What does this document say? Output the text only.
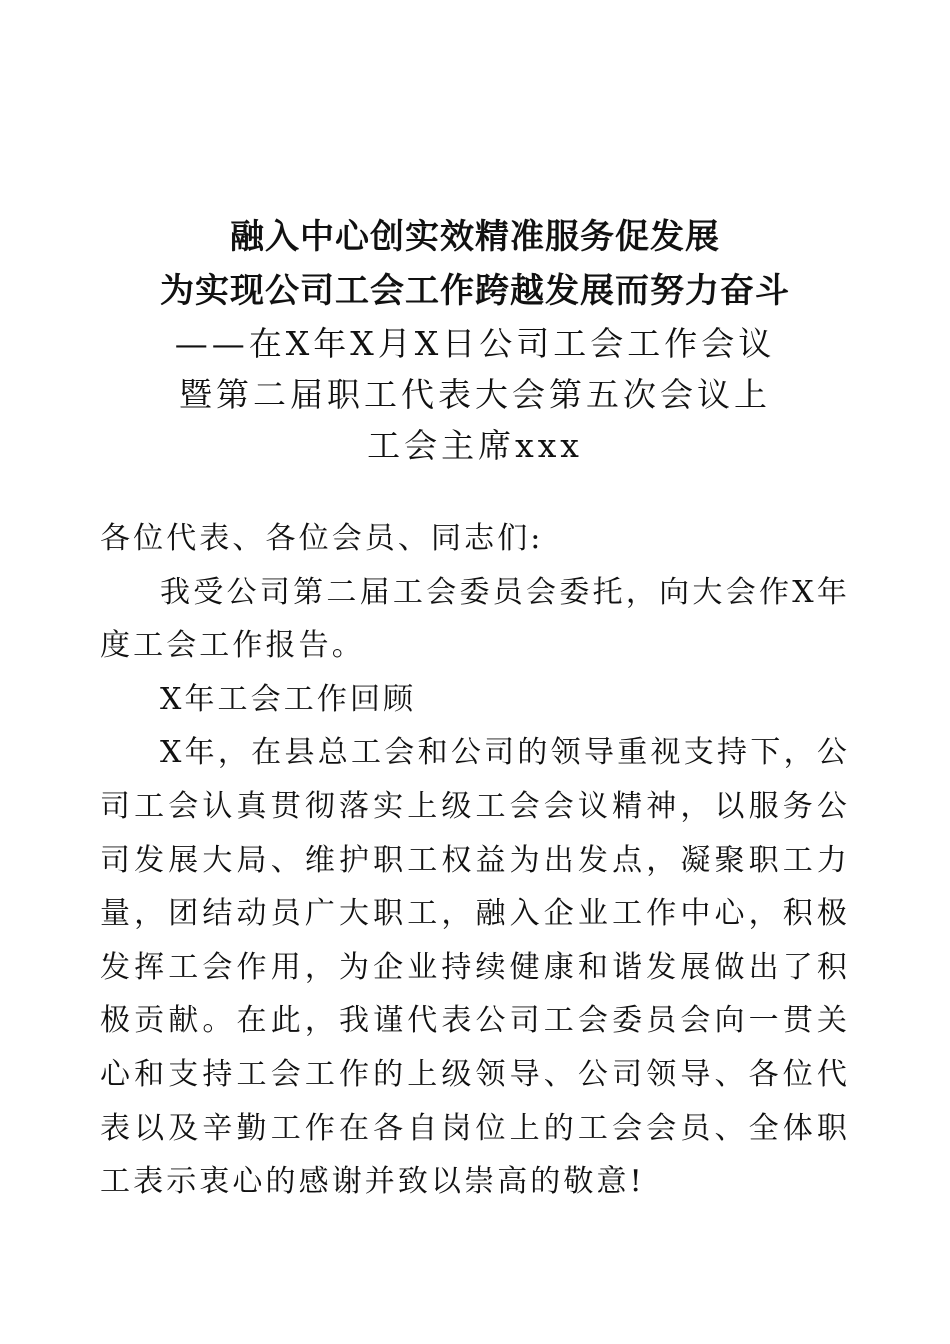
融入中心创实效精准服务促发展
为实现公司工会工作跨越发展而努力奋斗
——在X年X月X日公司工会工作会议
暨第二届职工代表大会第五次会议上
工会主席xxx

各位代表、各位会员、同志们:

我受公司第二届工会委员会委托，向大会作X年度工会工作报告。

X年工会工作回顾

X年，在县总工会和公司的领导重视支持下，公司工会认真贯彻落实上级工会会议精神，以服务公司发展大局、维护职工权益为出发点，凝聚职工力量，团结动员广大职工，融入企业工作中心，积极发挥工会作用，为企业持续健康和谐发展做出了积极贡献。在此，我谨代表公司工会委员会向一贯关心和支持工会工作的上级领导、公司领导、各位代表以及辛勤工作在各自岗位上的工会会员、全体职工表示衷心的感谢并致以崇高的敬意!
